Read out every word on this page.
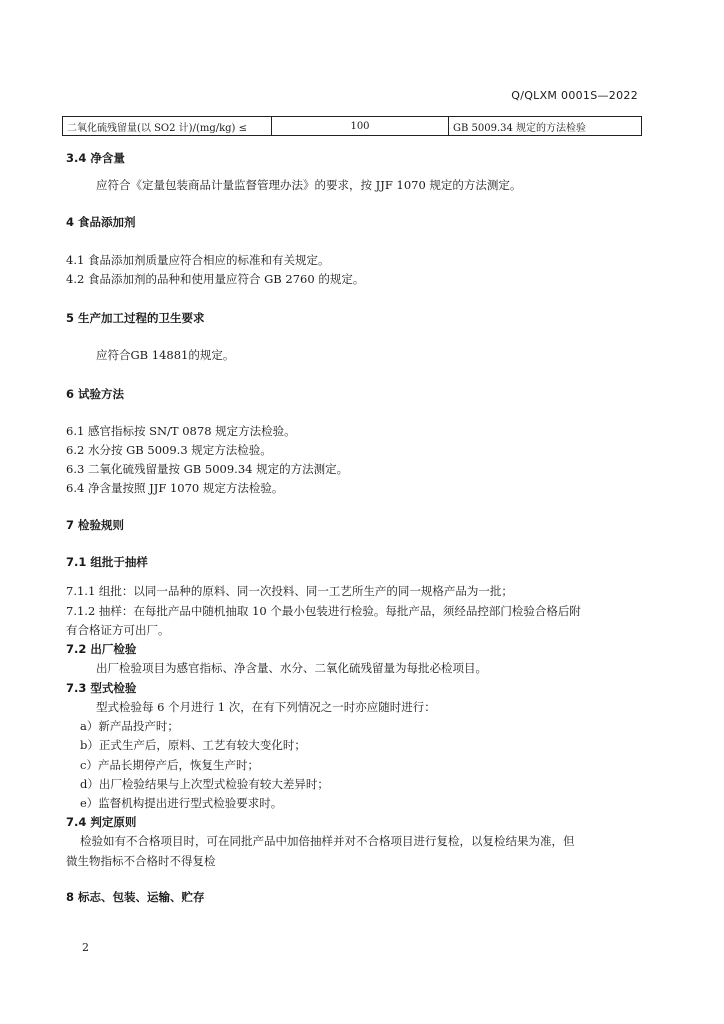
Q/QLXM 0001S—2022
二氧化硫残留量(以 SO2 计)/(mg/kg) ≤	100	GB 5009.34 规定的方法检验
3.4 净含量
应符合《定量包装商品计量监督管理办法》的要求，按 JJF 1070 规定的方法测定。
4 食品添加剂
4.1 食品添加剂质量应符合相应的标准和有关规定。
4.2 食品添加剂的品种和使用量应符合 GB 2760 的规定。
5 生产加工过程的卫生要求
应符合GB 14881的规定。
6 试验方法
6.1 感官指标按 SN/T 0878 规定方法检验。
6.2 水分按 GB 5009.3 规定方法检验。
6.3 二氧化硫残留量按 GB 5009.34 规定的方法测定。
6.4 净含量按照 JJF 1070 规定方法检验。
7 检验规则
7.1 组批于抽样
7.1.1 组批：以同一品种的原料、同一次投料、同一工艺所生产的同一规格产品为一批；
7.1.2 抽样：在每批产品中随机抽取 10 个最小包装进行检验。每批产品，须经品控部门检验合格后附
有合格证方可出厂。
7.2 出厂检验
出厂检验项目为感官指标、净含量、水分、二氧化硫残留量为每批必检项目。
7.3 型式检验
型式检验每 6 个月进行 1 次，在有下列情况之一时亦应随时进行：
a）新产品投产时；
b）正式生产后，原料、工艺有较大变化时；
c）产品长期停产后，恢复生产时；
d）出厂检验结果与上次型式检验有较大差异时；
e）监督机构提出进行型式检验要求时。
7.4 判定原则
检验如有不合格项目时，可在同批产品中加倍抽样并对不合格项目进行复检，以复检结果为准，但
微生物指标不合格时不得复检
8 标志、包装、运输、贮存
2
